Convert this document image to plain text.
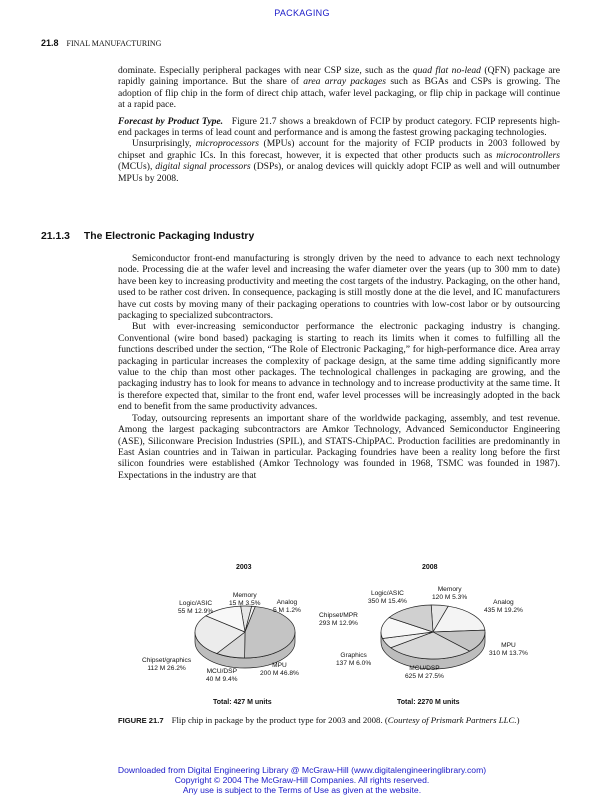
PACKAGING
21.8 FINAL MANUFACTURING

dominate. Especially peripheral packages with near CSP size, such as the quad flat no-lead (QFN) package are rapidly gaining importance. But the share of area array packages such as BGAs and CSPs is growing. The adoption of flip chip in the form of direct chip attach, wafer level packaging, or flip chip in package will continue at a rapid pace.

Forecast by Product Type. Figure 21.7 shows a breakdown of FCIP by product category. FCIP represents high-end packages in terms of lead count and performance and is among the fastest growing packaging technologies.

Unsurprisingly, microprocessors (MPUs) account for the majority of FCIP products in 2003 followed by chipset and graphic ICs. In this forecast, however, it is expected that other products such as microcontrollers (MCUs), digital signal processors (DSPs), or analog devices will quickly adopt FCIP as well and will outnumber MPUs by 2008.

21.1.3 The Electronic Packaging Industry

Semiconductor front-end manufacturing is strongly driven by the need to advance to each next technology node. Processing die at the wafer level and increasing the wafer diameter over the years (up to 300 mm to date) have been key to increasing productivity and meeting the cost targets of the industry. Packaging, on the other hand, used to be rather cost driven. In consequence, packaging is still mostly done at the die level, and IC manufacturers have cut costs by moving many of their packaging operations to countries with low-cost labor or by outsourcing packaging to specialized subcontractors.

But with ever-increasing semiconductor performance the electronic packaging industry is changing. Conventional (wire bond based) packaging is starting to reach its limits when it comes to fulfilling all the functions described under the section, “The Role of Electronic Packaging,” for high-performance dice. Area array packaging in particular increases the complexity of package design, at the same time adding significantly more value to the chip than most other packages. The technological challenges in packaging are growing, and the packaging industry has to look for means to advance in technology and to increase productivity at the same time. It is therefore expected that, similar to the front end, wafer level processes will be increasingly adopted in the back end to benefit from the same productivity advances.

Today, outsourcing represents an important share of the worldwide packaging, assembly, and test revenue. Among the largest packaging subcontractors are Amkor Technology, Advanced Semiconductor Engineering (ASE), Siliconware Precision Industries (SPIL), and STATS-ChipPAC. Production facilities are predominantly in East Asian countries and in Taiwan in particular. Packaging foundries have been a reality long before the first silicon foundries were established (Amkor Technology was founded in 1968, TSMC was founded in 1987). Expectations in the industry are that

2003	2008
Memory
15 M 3.5%	Analog
5 M 1.2%
MPU
200 M 46.8%
MCU/DSP
40 M 9.4%
Chipset/graphics
112 M 26.2%
Logic/ASIC
55 M 12.9%
Memory
120 M 5.3%
Analog
435 M 19.2%
MPU
310 M 13.7%
MCU/DSP
625 M 27.5%
Graphics
137 M 6.0%
Chipset/MPR
293 M 12.9%
Logic/ASIC
350 M 15.4%
Total: 427 M units	Total: 2270 M units
FIGURE 21.7 Flip chip in package by the product type for 2003 and 2008. (Courtesy of Prismark Partners LLC.)
Downloaded from Digital Engineering Library @ McGraw-Hill (www.digitalengineeringlibrary.com)
Copyright © 2004 The McGraw-Hill Companies. All rights reserved.
Any use is subject to the Terms of Use as given at the website.
